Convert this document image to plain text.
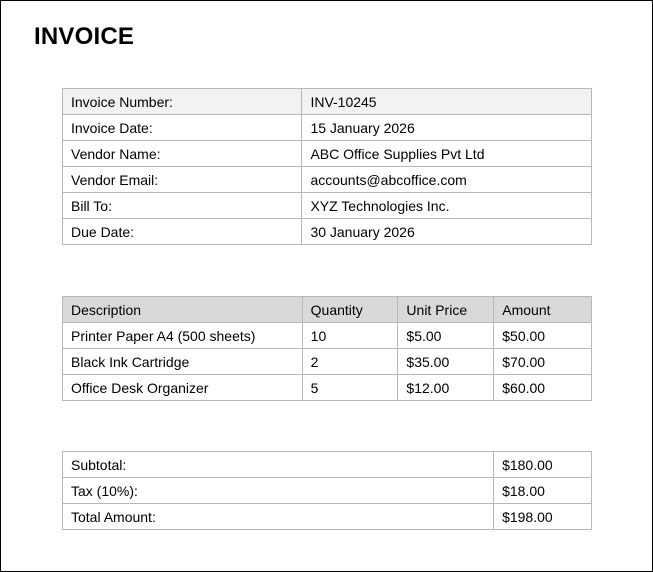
INVOICE
Invoice Number:	INV-10245
Invoice Date:	15 January 2026
Vendor Name:	ABC Office Supplies Pvt Ltd
Vendor Email:	accounts@abcoffice.com
Bill To:	XYZ Technologies Inc.
Due Date:	30 January 2026
Description	Quantity	Unit Price	Amount
Printer Paper A4 (500 sheets)	10	$5.00	$50.00
Black Ink Cartridge	2	$35.00	$70.00
Office Desk Organizer	5	$12.00	$60.00
Subtotal:	$180.00
Tax (10%):	$18.00
Total Amount:	$198.00
